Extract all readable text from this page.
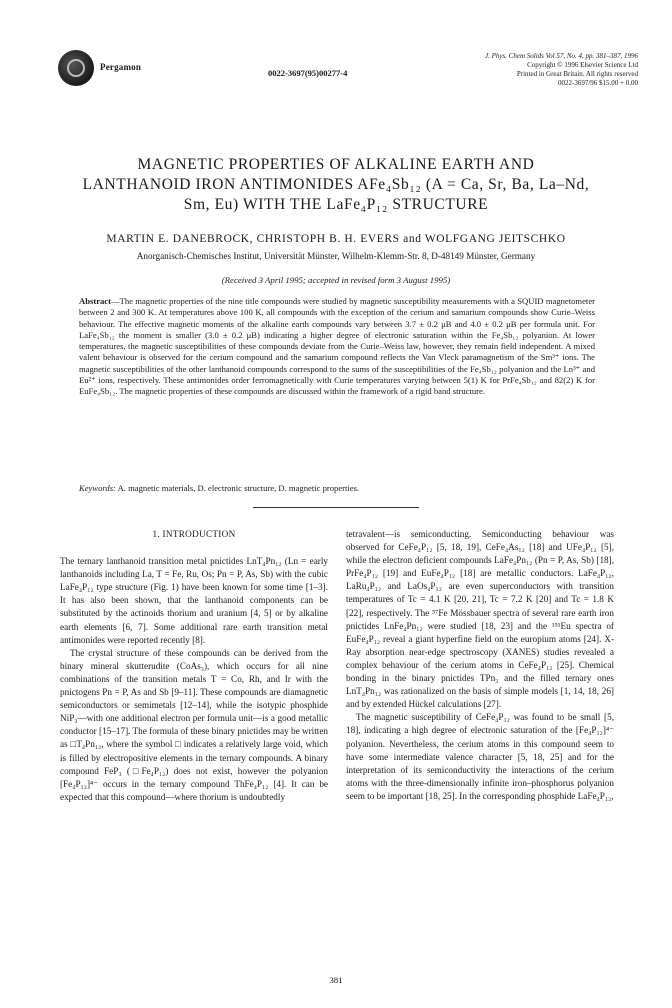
Pergamon
0022-3697(95)00277-4
J. Phys. Chem Solids Vol 57, No. 4, pp. 381–387, 1996
Copyright © 1996 Elsevier Science Ltd
Printed in Great Britain. All rights reserved
0022-3697/96 $15.00 + 0.00
MAGNETIC PROPERTIES OF ALKALINE EARTH AND
LANTHANOID IRON ANTIMONIDES AFe₄Sb₁₂ (A = Ca, Sr, Ba, La–Nd,
Sm, Eu) WITH THE LaFe₄P₁₂ STRUCTURE
MARTIN E. DANEBROCK, CHRISTOPH B. H. EVERS and WOLFGANG JEITSCHKO
Anorganisch-Chemisches Institut, Universität Münster, Wilhelm-Klemm-Str. 8, D-48149 Münster, Germany
(Received 3 April 1995; accepted in revised form 3 August 1995)
Abstract—The magnetic properties of the nine title compounds were studied by magnetic susceptibility measurements with a SQUID magnetometer between 2 and 300 K. At temperatures above 100 K, all compounds with the exception of the cerium and samarium compounds show Curie–Weiss behaviour. The effective magnetic moments of the alkaline earth compounds vary between 3.7 ± 0.2 μB and 4.0 ± 0.2 μB per formula unit. For LaFe₄Sb₁₂ the moment is smaller (3.0 ± 0.2 μB) indicating a higher degree of electronic saturation within the Fe₄Sb₁₂ polyanion. At lower temperatures, the magnetic susceptibilities of these compounds deviate from the Curie–Weiss law, however, they remain field independent. A mixed valent behaviour is observed for the cerium compound and the samarium compound reflects the Van Vleck paramagnetism of the Sm³⁺ ions. The magnetic susceptibilities of the other lanthanoid compounds correspond to the sums of the susceptibilities of the Fe₄Sb₁₂ polyanion and the Ln³⁺ and Eu²⁺ ions, respectively. These antimonides order ferromagnetically with Curie temperatures varying between 5(1) K for PrFe₄Sb₁₂ and 82(2) K for EuFe₄Sb₁₂. The magnetic properties of these compounds are discussed within the framework of a rigid band structure.
Keywords: A. magnetic materials, D. electronic structure, D. magnetic properties.
1. INTRODUCTION

The ternary lanthanoid transition metal pnictides LnT₄Pn₁₂ (Ln = early lanthanoids including La, T = Fe, Ru, Os; Pn = P, As, Sb) with the cubic LaFe₄P₁₂ type structure (Fig. 1) have been known for some time [1–3]. It has also been shown, that the lanthanoid components can be substituted by the actinoids thorium and uranium [4, 5] or by alkaline earth elements [6, 7]. Some additional rare earth transition metal antimonides were reported recently [8].

The crystal structure of these compounds can be derived from the binary mineral skutterudite (CoAs₃), which occurs for all nine combinations of the transition metals T = Co, Rh, and Ir with the pnictogens Pn = P, As and Sb [9–11]. These compounds are diamagnetic semiconductors or semimetals [12–14], while the isotypic phosphide NiP₃—with one additional electron per formula unit—is a good metallic conductor [15–17]. The formula of these binary pnictides may be written as □T₄Pn₁₂, where the symbol □ indicates a relatively large void, which is filled by electropositive elements in the ternary compounds. A binary compound FeP₃ (□Fe₄P₁₂) does not exist, however the polyanion [Fe₄P₁₂]⁴⁻ occurs in the ternary compound ThFe₄P₁₂ [4]. It can be expected that this compound—where thorium is undoubtedly

tetravalent—is semiconducting. Semiconducting behaviour was observed for CeFe₄P₁₂ [5, 18, 19], CeFe₄As₁₂ [18] and UFe₄P₁₂ [5], while the electron deficient compounds LaFe₄Pn₁₂ (Pn = P, As, Sb) [18], PrFe₄P₁₂ [19] and EuFe₄P₁₂ [18] are metallic conductors. LaFe₄P₁₂, LaRu₄P₁₂ and LaOs₄P₁₂ are even superconductors with transition temperatures of Tc = 4.1 K [20, 21], Tc = 7.2 K [20] and Tc = 1.8 K [22], respectively. The ⁵⁷Fe Mössbauer spectra of several rare earth iron pnictides LnFe₄Pn₁₂ were studied [18, 23] and the ¹⁵¹Eu spectra of EuFe₄P₁₂ reveal a giant hyperfine field on the europium atoms [24]. X-Ray absorption near-edge spectroscopy (XANES) studies revealed a complex behaviour of the cerium atoms in CeFe₄P₁₂ [25]. Chemical bonding in the binary pnictides TPn₃ and the filled ternary ones LnT₄Pn₁₂ was rationalized on the basis of simple models [1, 14, 18, 26] and by extended Hückel calculations [27].

The magnetic susceptibility of CeFe₄P₁₂ was found to be small [5, 18], indicating a high degree of electronic saturation of the [Fe₄P₁₂]⁴⁻ polyanion. Nevertheless, the cerium atoms in this compound seem to have some intermediate valence character [5, 18, 25] and for the interpretation of its semiconductivity the interactions of the cerium atoms with the three-dimensionally infinite iron–phosphorus polyanion seem to be important [18, 25]. In the corresponding phosphide LaFe₄P₁₂,

381
